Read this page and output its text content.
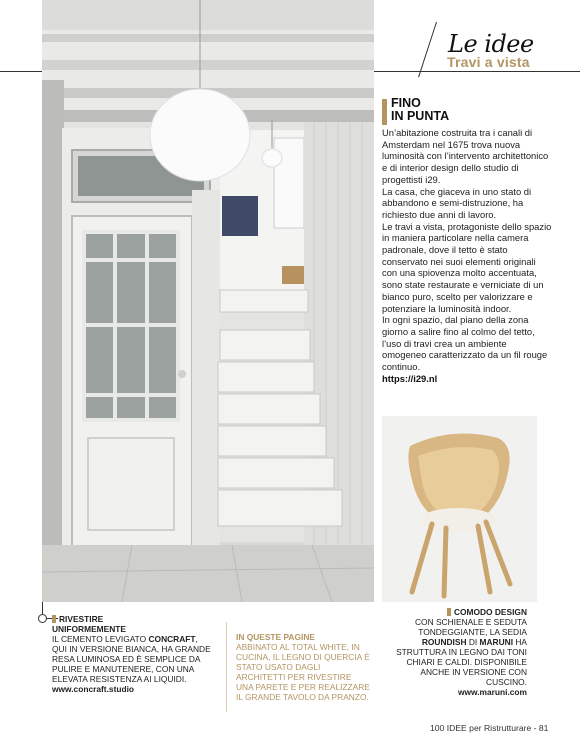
Le idee
Travi a vista
FINO
IN PUNTA

Un’abitazione costruita tra i canali di Amsterdam nel 1675 trova nuova luminosità con l’intervento architettonico e di interior design dello studio di progettisti i29.

La casa, che giaceva in uno stato di abbandono e semi-distruzione, ha richiesto due anni di lavoro.

Le travi a vista, protagoniste dello spazio in maniera particolare nella camera padronale, dove il tetto è stato conservato nei suoi elementi originali con una spiovenza molto accentuata, sono state restaurate e verniciate di un bianco puro, scelto per valorizzare e potenziare la luminosità indoor.

In ogni spazio, dal piano della zona giorno a salire fino al colmo del tetto, l’uso di travi crea un ambiente omogeneo caratterizzato da un fil rouge continuo.

https://i29.nl
RIVESTIRE
UNIFORMEMENTE
IL CEMENTO LEVIGATO CONCRAFT, QUI IN VERSIONE BIANCA, HA GRANDE RESA LUMINOSA ED È SEMPLICE DA PULIRE E MANUTENERE, CON UNA ELEVATA RESISTENZA AI LIQUIDI.
www.concraft.studio
IN QUESTE PAGINE
ABBINATO AL TOTAL WHITE, IN CUCINA, IL LEGNO DI QUERCIA È STATO USATO DAGLI ARCHITETTI PER RIVESTIRE UNA PARETE E PER REALIZZARE IL GRANDE TAVOLO DA PRANZO.
COMODO DESIGN
CON SCHIENALE E SEDUTA TONDEGGIANTE, LA SEDIA ROUNDISH DI MARUNI HA STRUTTURA IN LEGNO DAI TONI CHIARI E CALDI. DISPONIBILE ANCHE IN VERSIONE CON CUSCINO.
www.maruni.com
100 IDEE per Ristrutturare - 81
